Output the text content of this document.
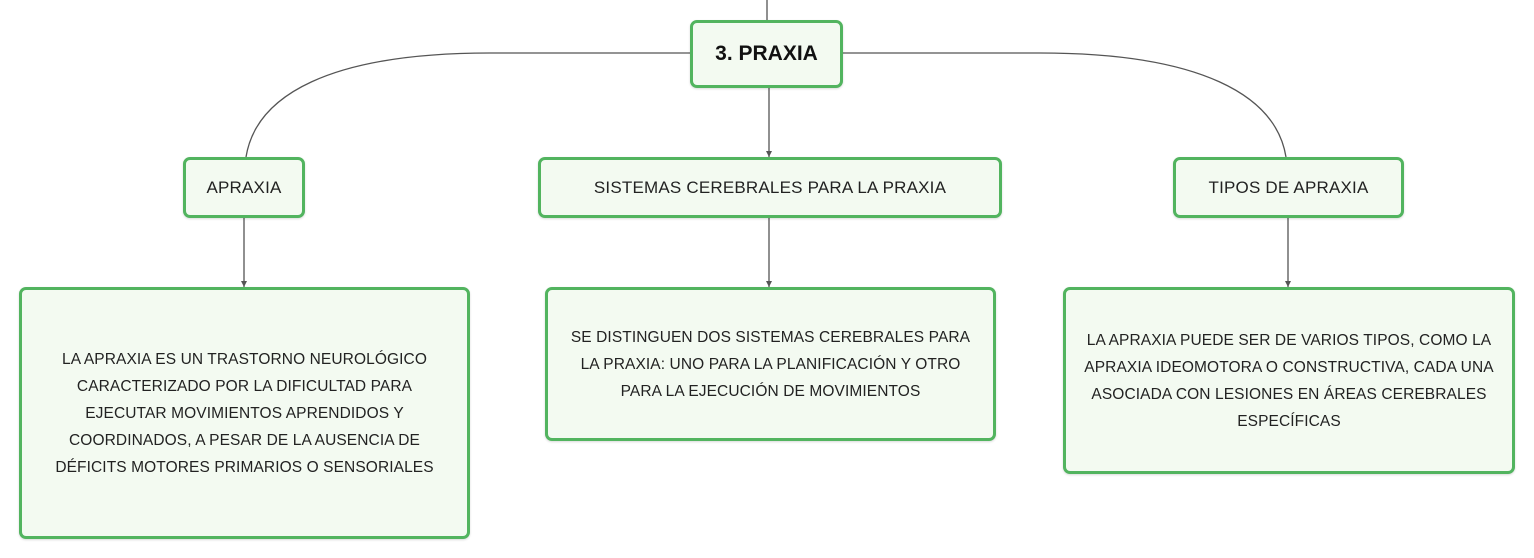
3. PRAXIA
APRAXIA	SISTEMAS CEREBRALES PARA LA PRAXIA	TIPOS DE APRAXIA
LA APRAXIA ES UN TRASTORNO NEUROLÓGICO CARACTERIZADO POR LA DIFICULTAD PARA EJECUTAR MOVIMIENTOS APRENDIDOS Y COORDINADOS, A PESAR DE LA AUSENCIA DE DÉFICITS MOTORES PRIMARIOS O SENSORIALES
SE DISTINGUEN DOS SISTEMAS CEREBRALES PARA LA PRAXIA: UNO PARA LA PLANIFICACIÓN Y OTRO PARA LA EJECUCIÓN DE MOVIMIENTOS
LA APRAXIA PUEDE SER DE VARIOS TIPOS, COMO LA APRAXIA IDEOMOTORA O CONSTRUCTIVA, CADA UNA ASOCIADA CON LESIONES EN ÁREAS CEREBRALES ESPECÍFICAS
